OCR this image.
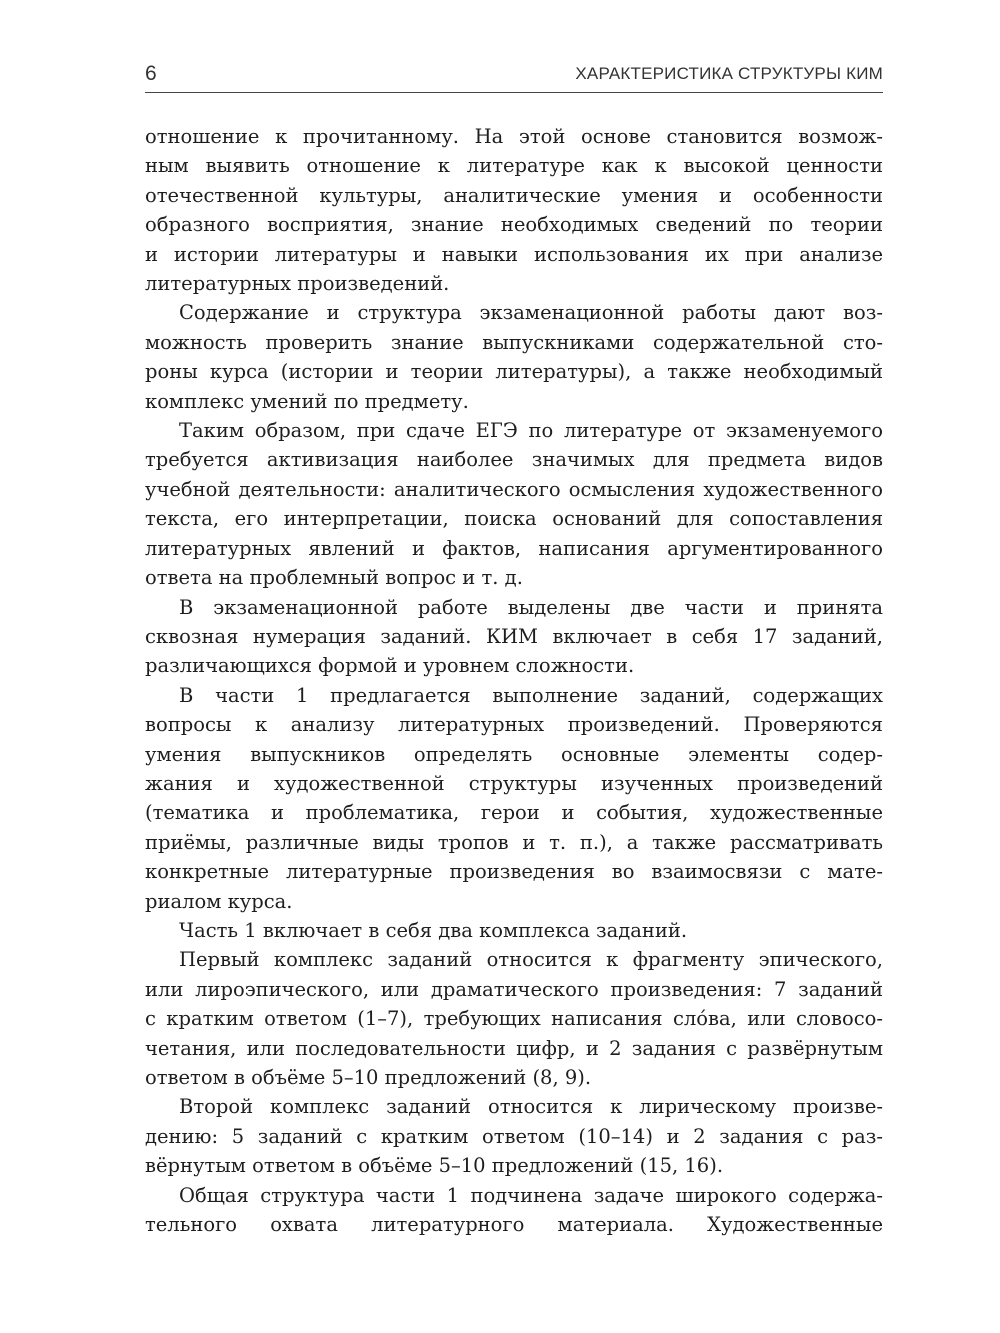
6	ХАРАКТЕРИСТИКА СТРУКТУРЫ КИМ
отношение к прочитанному. На этой основе становится возмож-
ным выявить отношение к литературе как к высокой ценности
отечественной культуры, аналитические умения и особенности
образного восприятия, знание необходимых сведений по теории
и истории литературы и навыки использования их при анализе
литературных произведений.
Содержание и структура экзаменационной работы дают воз-
можность проверить знание выпускниками содержательной сто-
роны курса (истории и теории литературы), а также необходимый
комплекс умений по предмету.
Таким образом, при сдаче ЕГЭ по литературе от экзаменуемого
требуется активизация наиболее значимых для предмета видов
учебной деятельности: аналитического осмысления художественного
текста, его интерпретации, поиска оснований для сопоставления
литературных явлений и фактов, написания аргументированного
ответа на проблемный вопрос и т. д.
В экзаменационной работе выделены две части и принята
сквозная нумерация заданий. КИМ включает в себя 17 заданий,
различающихся формой и уровнем сложности.
В части 1 предлагается выполнение заданий, содержащих
вопросы к анализу литературных произведений. Проверяются
умения выпускников определять основные элементы содер-
жания и художественной структуры изученных произведений
(тематика и проблематика, герои и события, художественные
приёмы, различные виды тропов и т. п.), а также рассматривать
конкретные литературные произведения во взаимосвязи с мате-
риалом курса.
Часть 1 включает в себя два комплекса заданий.
Первый комплекс заданий относится к фрагменту эпического,
или лироэпического, или драматического произведения: 7 заданий
с кратким ответом (1–7), требующих написания сло́ва, или словосо-
четания, или последовательности цифр, и 2 задания с развёрнутым
ответом в объёме 5–10 предложений (8, 9).
Второй комплекс заданий относится к лирическому произве-
дению: 5 заданий с кратким ответом (10–14) и 2 задания с раз-
вёрнутым ответом в объёме 5–10 предложений (15, 16).
Общая структура части 1 подчинена задаче широкого содержа-
тельного охвата литературного материала. Художественные
